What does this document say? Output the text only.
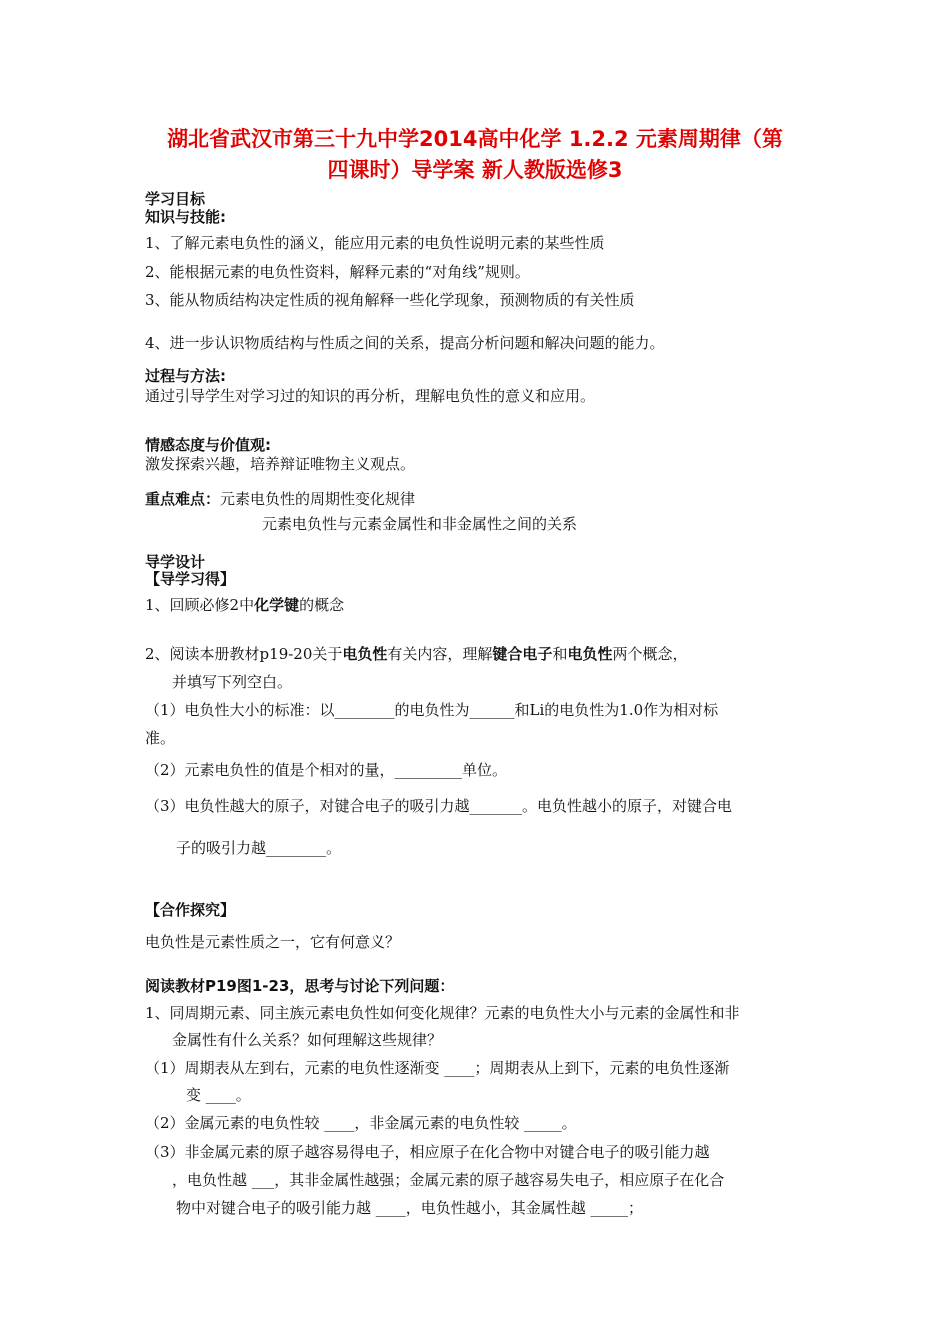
湖北省武汉市第三十九中学2014高中化学 1.2.2 元素周期律（第
四课时）导学案 新人教版选修3
学习目标
知识与技能:
1、了解元素电负性的涵义，能应用元素的电负性说明元素的某些性质
2、能根据元素的电负性资料，解释元素的“对角线”规则。
3、能从物质结构决定性质的视角解释一些化学现象，预测物质的有关性质
4、进一步认识物质结构与性质之间的关系，提高分析问题和解决问题的能力。
过程与方法:
通过引导学生对学习过的知识的再分析，理解电负性的意义和应用。
情感态度与价值观:
激发探索兴趣，培养辩证唯物主义观点。
重点难点：元素电负性的周期性变化规律
元素电负性与元素金属性和非金属性之间的关系
导学设计
【导学习得】
1、回顾必修2中化学键的概念
2、阅读本册教材p19-20关于电负性有关内容，理解键合电子和电负性两个概念，
并填写下列空白。
（1）电负性大小的标准：以________的电负性为______和Li的电负性为1.0作为相对标
准。
（2）元素电负性的值是个相对的量，_________单位。
（3）电负性越大的原子，对键合电子的吸引力越_______。电负性越小的原子，对键合电
子的吸引力越________。
【合作探究】
电负性是元素性质之一，它有何意义？
阅读教材P19图1-23，思考与讨论下列问题：
1、同周期元素、同主族元素电负性如何变化规律？元素的电负性大小与元素的金属性和非
金属性有什么关系？如何理解这些规律？
（1）周期表从左到右，元素的电负性逐渐变 ____；周期表从上到下，元素的电负性逐渐
变 ____。
（2）金属元素的电负性较 ____，非金属元素的电负性较 _____。
（3）非金属元素的原子越容易得电子，相应原子在化合物中对键合电子的吸引能力越
，电负性越 ___，其非金属性越强；金属元素的原子越容易失电子，相应原子在化合
物中对键合电子的吸引能力越 ____，电负性越小，其金属性越 _____；
